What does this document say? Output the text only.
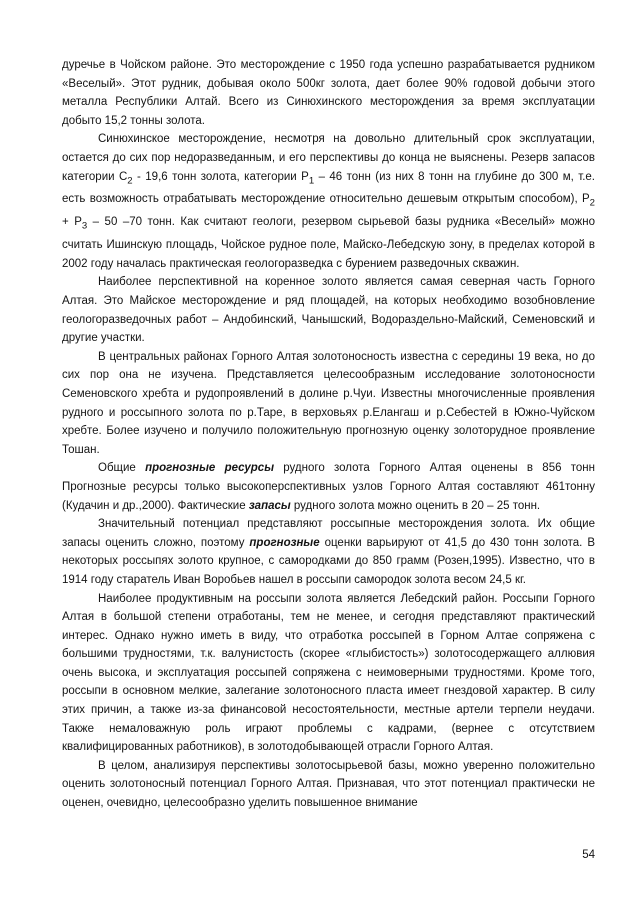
дуречье в Чойском районе. Это месторождение с 1950 года успешно разрабатывается рудником «Веселый». Этот рудник, добывая около 500кг золота, дает более 90% годовой добычи этого металла Республики Алтай. Всего из Синюхинского месторождения за время эксплуатации добыто 15,2 тонны золота.

Синюхинское месторождение, несмотря на довольно длительный срок эксплуатации, остается до сих пор недоразведанным, и его перспективы до конца не выяснены. Резерв запасов категории $C_2 - 19,6$ тонн золота, категории $P_1 - 46$ тонн (из них 8 тонн на глубине до 300 м, т.е. есть возможность отрабатывать месторождение относительно дешевым открытым способом), $P_2 + P_3 - 50$ –70 тонн. Как считают геологи, резервом сырьевой базы рудника «Веселый» можно считать Ишинскую площадь, Чойское рудное поле, Майско-Лебедскую зону, в пределах которой в 2002 году началась практическая геологоразведка с бурением разведочных скважин.

Наиболее перспективной на коренное золото является самая северная часть Горного Алтая. Это Майское месторождение и ряд площадей, на которых необходимо возобновление геологоразведочных работ – Андобинский, Чанышский, Водораздельно-Майский, Семеновский и другие участки.

В центральных районах Горного Алтая золотоносность известна с середины 19 века, но до сих пор она не изучена. Представляется целесообразным исследование золотоносности Семеновского хребта и рудопроявлений в долине р.Чуи. Известны многочисленные проявления рудного и россыпного золота по р.Таре, в верховьях р.Елангаш и р.Себестей в Южно-Чуйском хребте. Более изучено и получило положительную прогнозную оценку золоторудное проявление Тошан.

Общие прогнозные ресурсы рудного золота Горного Алтая оценены в 856 тонн Прогнозные ресурсы только высокоперспективных узлов Горного Алтая составляют 461тонну (Кудачин и др.,2000). Фактические запасы рудного золота можно оценить в 20 – 25 тонн.

Значительный потенциал представляют россыпные месторождения золота. Их общие запасы оценить сложно, поэтому прогнозные оценки варьируют от 41,5 до 430 тонн золота. В некоторых россыпях золото крупное, с самородками до 850 грамм (Розен,1995). Известно, что в 1914 году старатель Иван Воробьев нашел в россыпи самородок золота весом 24,5 кг.

Наиболее продуктивным на россыпи золота является Лебедский район. Россыпи Горного Алтая в большой степени отработаны, тем не менее, и сегодня представляют практический интерес. Однако нужно иметь в виду, что отработка россыпей в Горном Алтае сопряжена с большими трудностями, т.к. валунистость (скорее «глыбистость») золотосодержащего аллювия очень высока, и эксплуатация россыпей сопряжена с неимоверными трудностями. Кроме того, россыпи в основном мелкие, залегание золотоносного пласта имеет гнездовой характер. В силу этих причин, а также из-за финансовой несостоятельности, местные артели терпели неудачи. Также немаловажную роль играют проблемы с кадрами, (вернее с отсутствием квалифицированных работников), в золотодобывающей отрасли Горного Алтая.

В целом, анализируя перспективы золотосырьевой базы, можно уверенно положительно оценить золотоносный потенциал Горного Алтая. Признавая, что этот потенциал практически не оценен, очевидно, целесообразно уделить повышенное внимание

54
